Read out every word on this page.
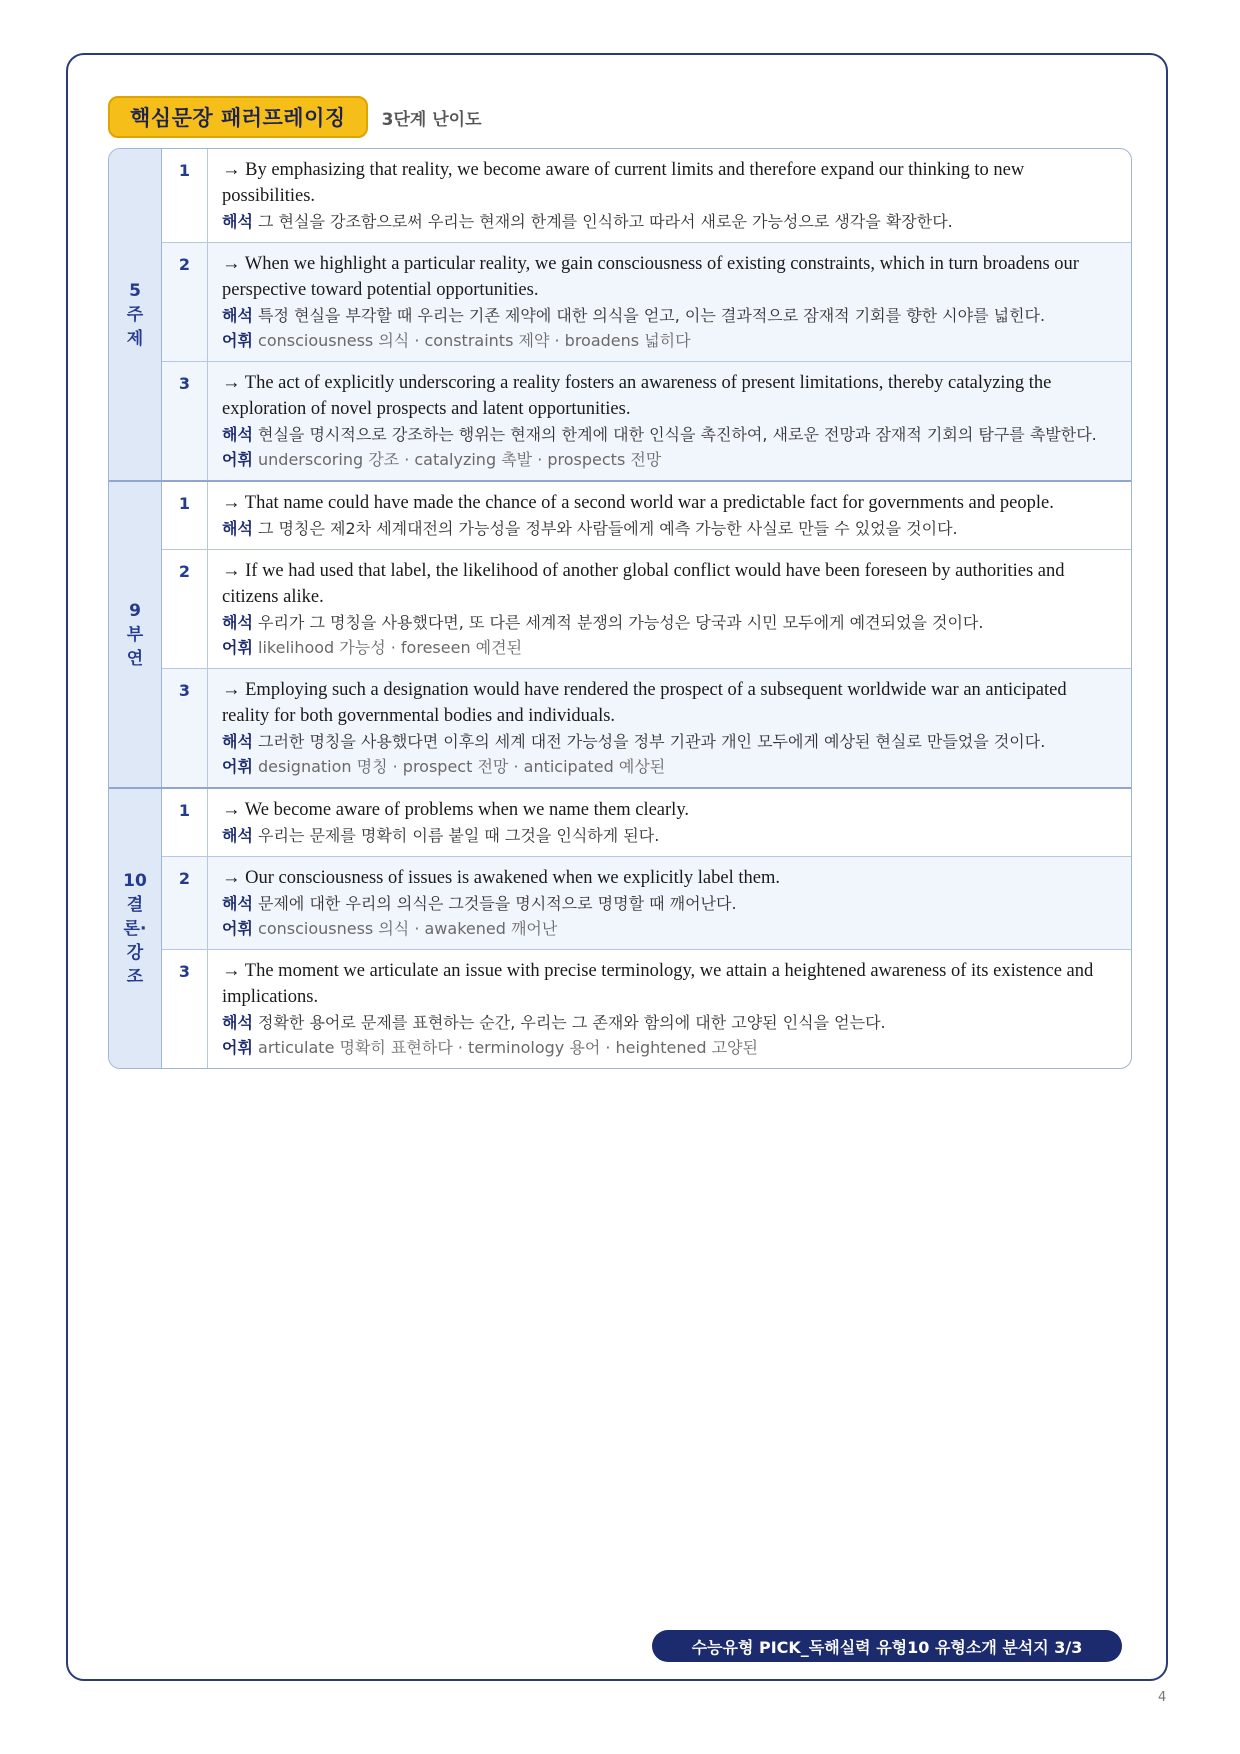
핵심문장 패러프레이징	3단계 난이도
5
주
제
1	→ By emphasizing that reality, we become aware of current limits and therefore expand our thinking to new possibilities.
해석 그 현실을 강조함으로써 우리는 현재의 한계를 인식하고 따라서 새로운 가능성으로 생각을 확장한다.
2	→ When we highlight a particular reality, we gain consciousness of existing constraints, which in turn broadens our perspective toward potential opportunities.
해석 특정 현실을 부각할 때 우리는 기존 제약에 대한 의식을 얻고, 이는 결과적으로 잠재적 기회를 향한 시야를 넓힌다.
어휘 consciousness 의식 · constraints 제약 · broadens 넓히다
3	→ The act of explicitly underscoring a reality fosters an awareness of present limitations, thereby catalyzing the exploration of novel prospects and latent opportunities.
해석 현실을 명시적으로 강조하는 행위는 현재의 한계에 대한 인식을 촉진하여, 새로운 전망과 잠재적 기회의 탐구를 촉발한다.
어휘 underscoring 강조 · catalyzing 촉발 · prospects 전망
9
부
연
1	→ That name could have made the chance of a second world war a predictable fact for governments and people.
해석 그 명칭은 제2차 세계대전의 가능성을 정부와 사람들에게 예측 가능한 사실로 만들 수 있었을 것이다.
2	→ If we had used that label, the likelihood of another global conflict would have been foreseen by authorities and citizens alike.
해석 우리가 그 명칭을 사용했다면, 또 다른 세계적 분쟁의 가능성은 당국과 시민 모두에게 예견되었을 것이다.
어휘 likelihood 가능성 · foreseen 예견된
3	→ Employing such a designation would have rendered the prospect of a subsequent worldwide war an anticipated reality for both governmental bodies and individuals.
해석 그러한 명칭을 사용했다면 이후의 세계 대전 가능성을 정부 기관과 개인 모두에게 예상된 현실로 만들었을 것이다.
어휘 designation 명칭 · prospect 전망 · anticipated 예상된
10
결
론·
강
조
1	→ We become aware of problems when we name them clearly.
해석 우리는 문제를 명확히 이름 붙일 때 그것을 인식하게 된다.
2	→ Our consciousness of issues is awakened when we explicitly label them.
해석 문제에 대한 우리의 의식은 그것들을 명시적으로 명명할 때 깨어난다.
어휘 consciousness 의식 · awakened 깨어난
3	→ The moment we articulate an issue with precise terminology, we attain a heightened awareness of its existence and implications.
해석 정확한 용어로 문제를 표현하는 순간, 우리는 그 존재와 함의에 대한 고양된 인식을 얻는다.
어휘 articulate 명확히 표현하다 · terminology 용어 · heightened 고양된
수능유형 PICK_독해실력 유형10 유형소개 분석지 3/3
4
